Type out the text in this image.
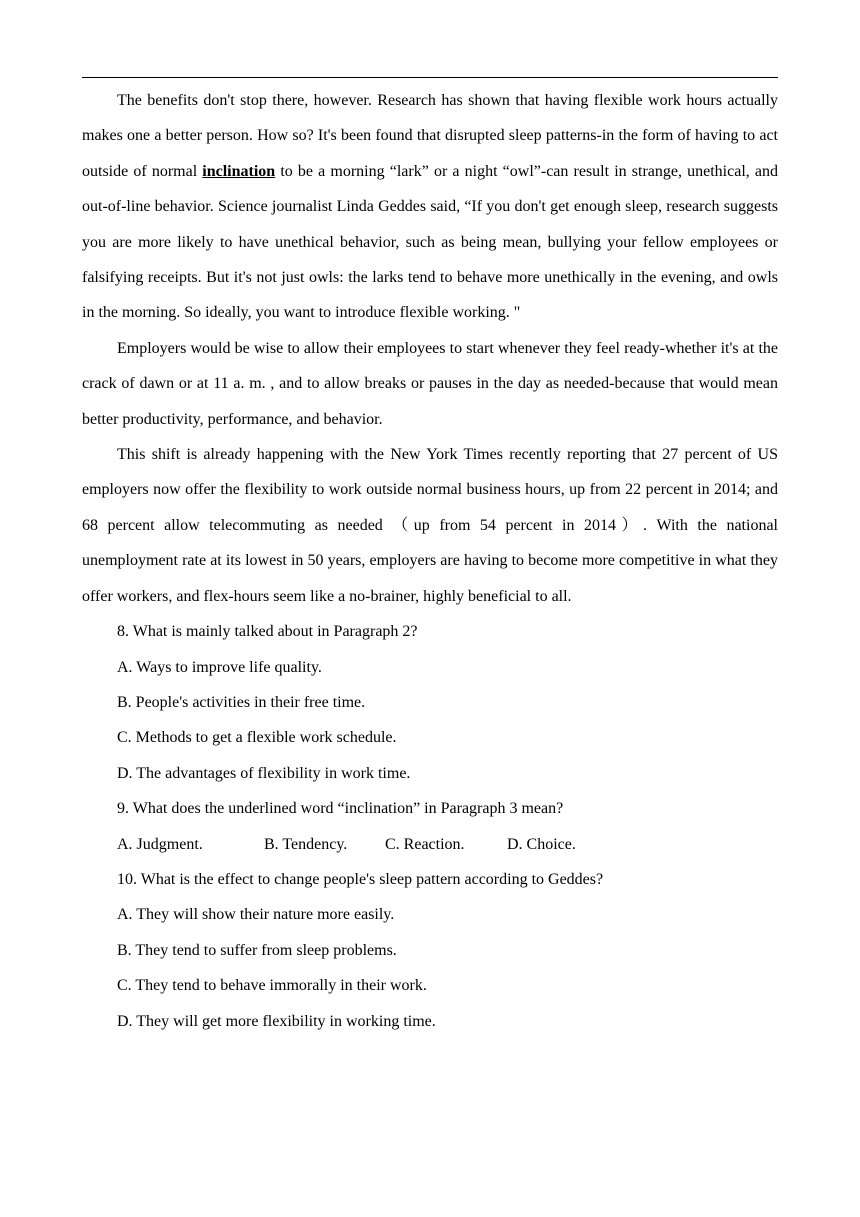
The benefits don't stop there, however. Research has shown that having flexible work hours actually makes one a better person. How so? It's been found that disrupted sleep patterns-in the form of having to act outside of normal inclination to be a morning “lark” or a night “owl”-can result in strange, unethical, and out-of-line behavior. Science journalist Linda Geddes said, “If you don't get enough sleep, research suggests you are more likely to have unethical behavior, such as being mean, bullying your fellow employees or falsifying receipts. But it's not just owls: the larks tend to behave more unethically in the evening, and owls in the morning. So ideally, you want to introduce flexible working. "

Employers would be wise to allow their employees to start whenever they feel ready-whether it's at the crack of dawn or at 11 a. m. , and to allow breaks or pauses in the day as needed-because that would mean better productivity, performance, and behavior.

This shift is already happening with the New York Times recently reporting that 27 percent of US employers now offer the flexibility to work outside normal business hours, up from 22 percent in 2014; and 68 percent allow telecommuting as needed （up from 54 percent in 2014）. With the national unemployment rate at its lowest in 50 years, employers are having to become more competitive in what they offer workers, and flex-hours seem like a no-brainer, highly beneficial to all.

8. What is mainly talked about in Paragraph 2?

A. Ways to improve life quality.

B. People's activities in their free time.

C. Methods to get a flexible work schedule.

D. The advantages of flexibility in work time.

9. What does the underlined word “inclination” in Paragraph 3 mean?

A. Judgment.	B. Tendency. C. Reaction.	D. Choice.

10. What is the effect to change people's sleep pattern according to Geddes?

A. They will show their nature more easily.

B. They tend to suffer from sleep problems.

C. They tend to behave immorally in their work.

D. They will get more flexibility in working time.
